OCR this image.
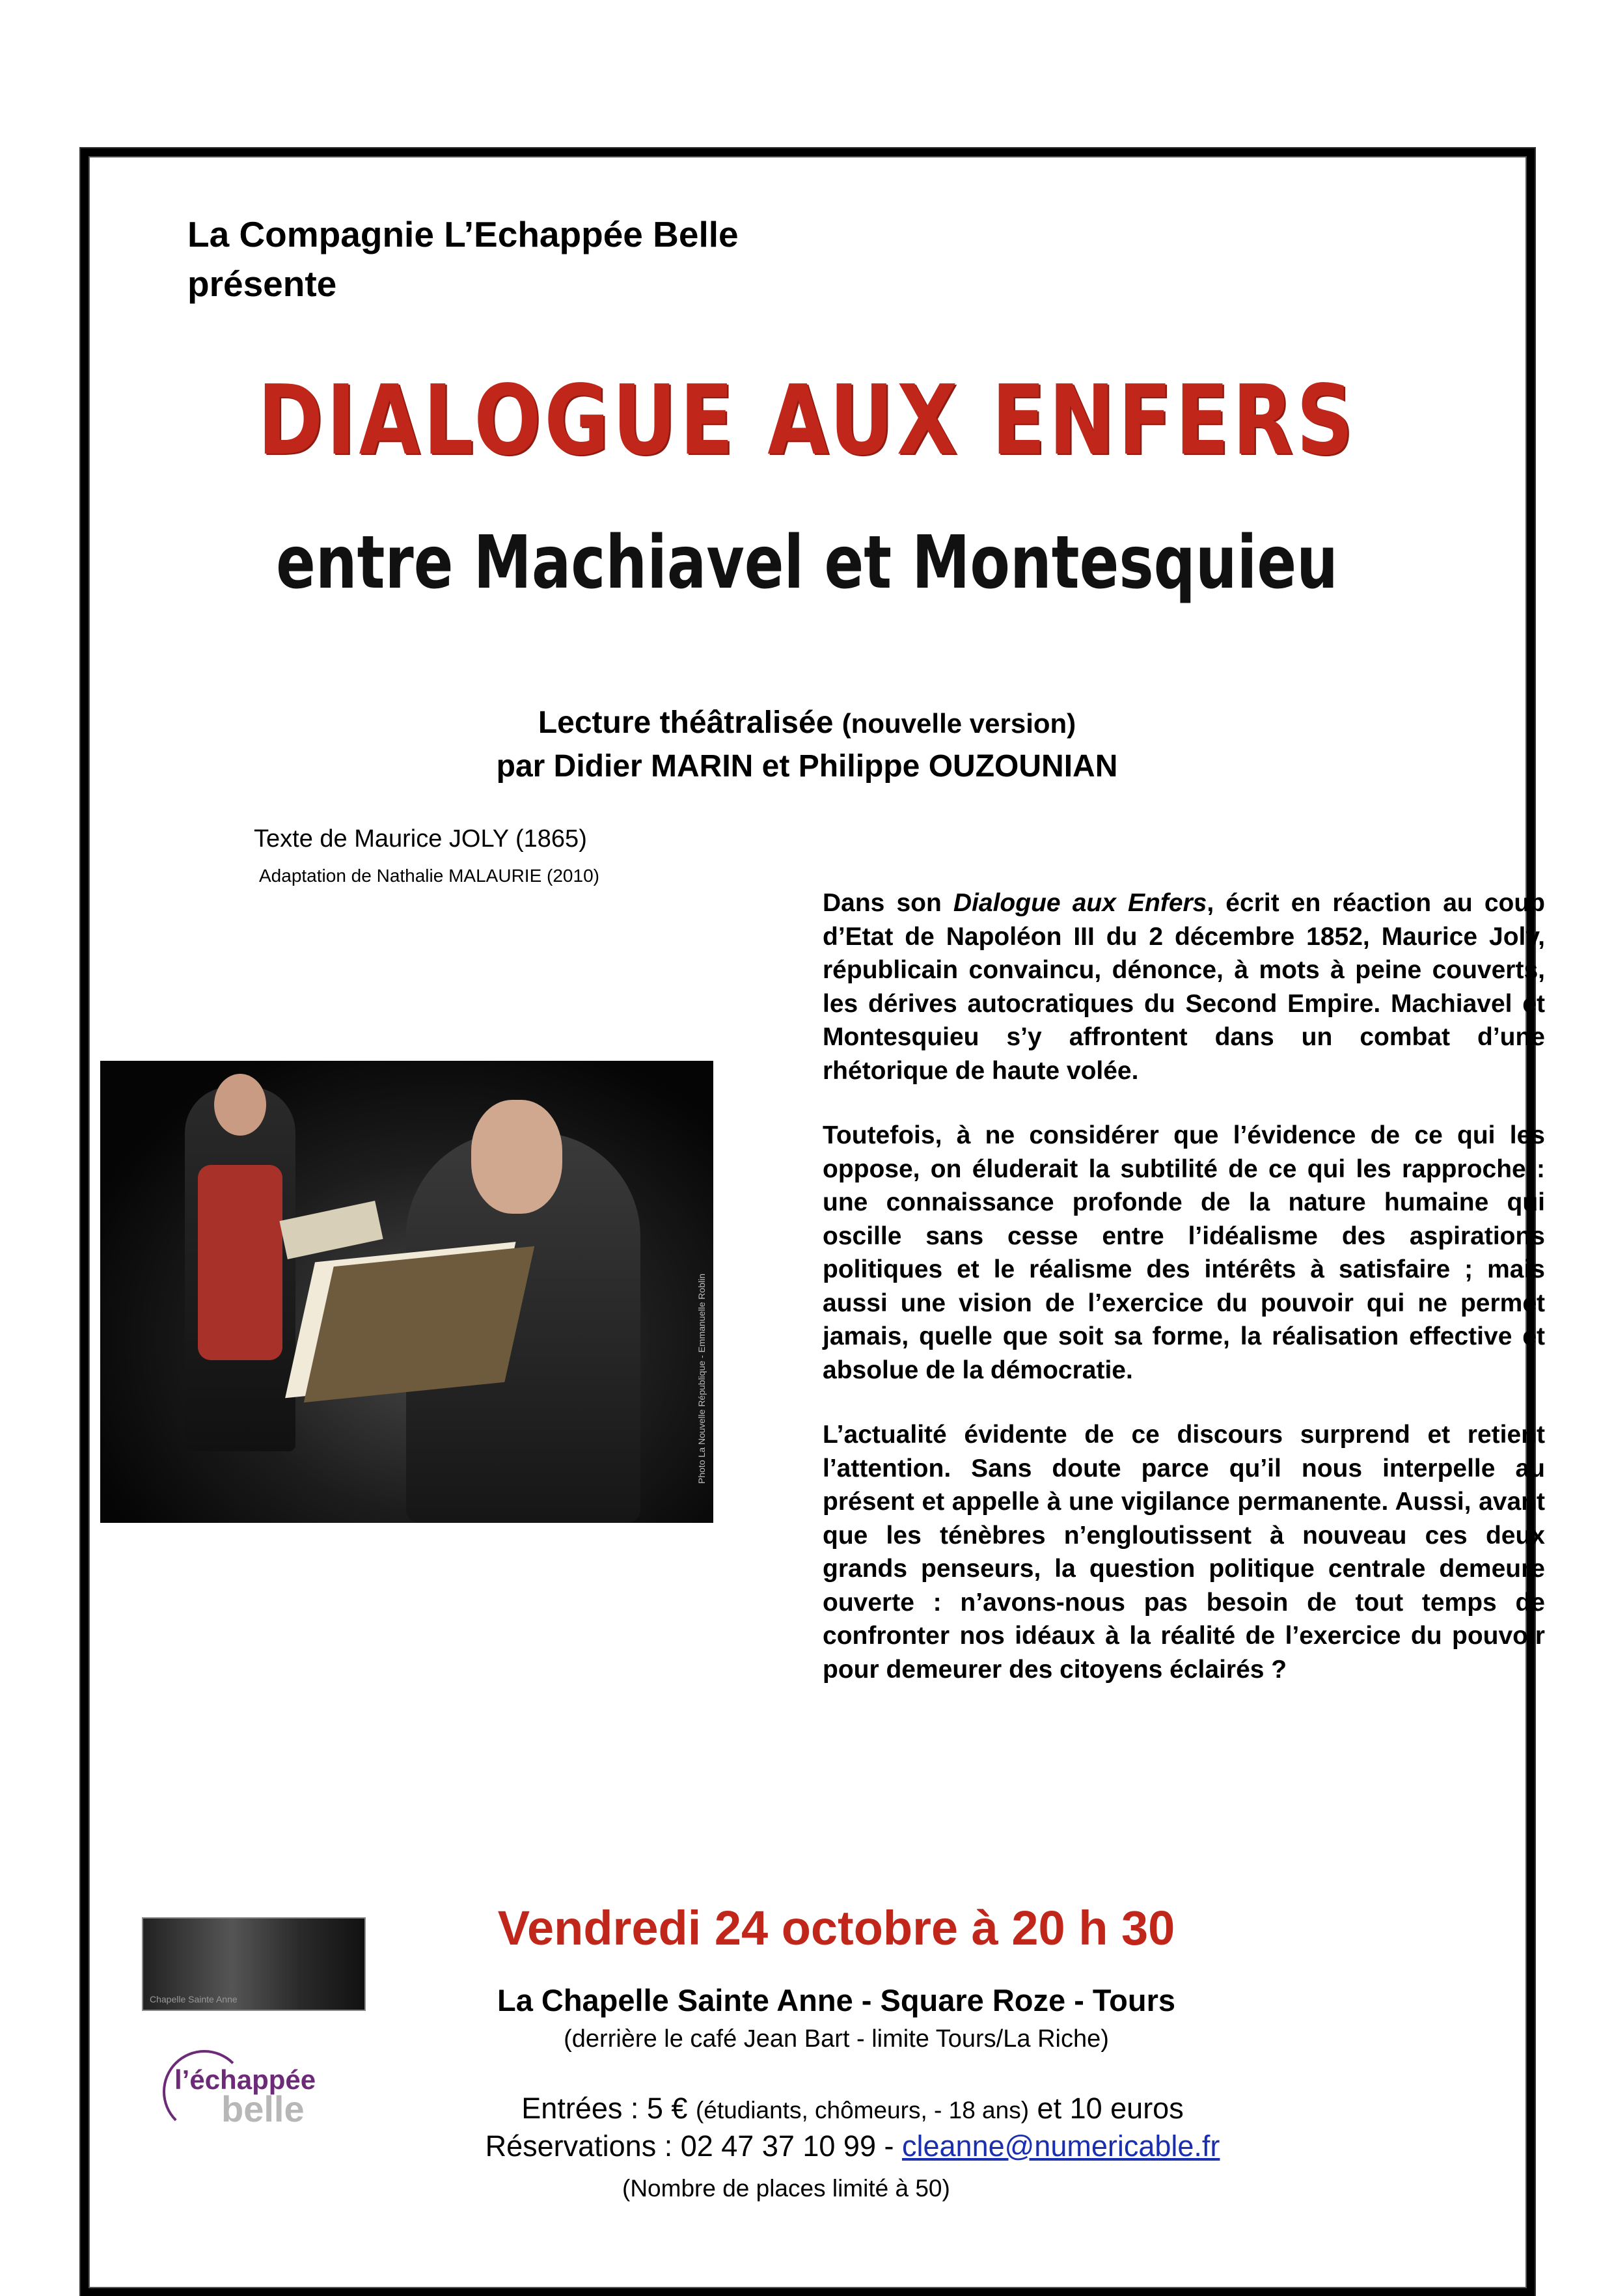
La Compagnie L’Echappée Belle
présente
DIALOGUE AUX ENFERS
entre Machiavel et Montesquieu
Lecture théâtralisée (nouvelle version)
par Didier MARIN et Philippe OUZOUNIAN
Texte de Maurice JOLY (1865)
Adaptation de Nathalie MALAURIE (2010)
Photo La Nouvelle République - Emmanuelle Roblin

Dans son Dialogue aux Enfers, écrit en réaction au coup d’Etat de Napoléon III du 2 décembre 1852, Maurice Joly, républicain convaincu, dénonce, à mots à peine couverts, les dérives autocratiques du Second Empire. Machiavel et Montesquieu s’y affrontent dans un combat d’une rhétorique de haute volée.

Toutefois, à ne considérer que l’évidence de ce qui les oppose, on éluderait la subtilité de ce qui les rapproche : une connaissance profonde de la nature humaine qui oscille sans cesse entre l’idéalisme des aspirations politiques et le réalisme des intérêts à satisfaire ; mais aussi une vision de l’exercice du pouvoir qui ne permet jamais, quelle que soit sa forme, la réalisation effective et absolue de la démocratie.

L’actualité évidente de ce discours surprend et retient l’attention. Sans doute parce qu’il nous interpelle au présent et appelle à une vigilance permanente. Aussi, avant que les ténèbres n’engloutissent à nouveau ces deux grands penseurs, la question politique centrale demeure ouverte : n’avons-nous pas besoin de tout temps de confronter nos idéaux à la réalité de l’exercice du pouvoir pour demeurer des citoyens éclairés ?

Chapelle Sainte Anne
l’échappée
belle
Vendredi 24 octobre à 20 h 30
La Chapelle Sainte Anne - Square Roze - Tours
(derrière le café Jean Bart - limite Tours/La Riche)
Entrées : 5 € (étudiants, chômeurs, - 18 ans) et 10 euros
Réservations : 02 47 37 10 99 - cleanne@numericable.fr
(Nombre de places limité à 50)
